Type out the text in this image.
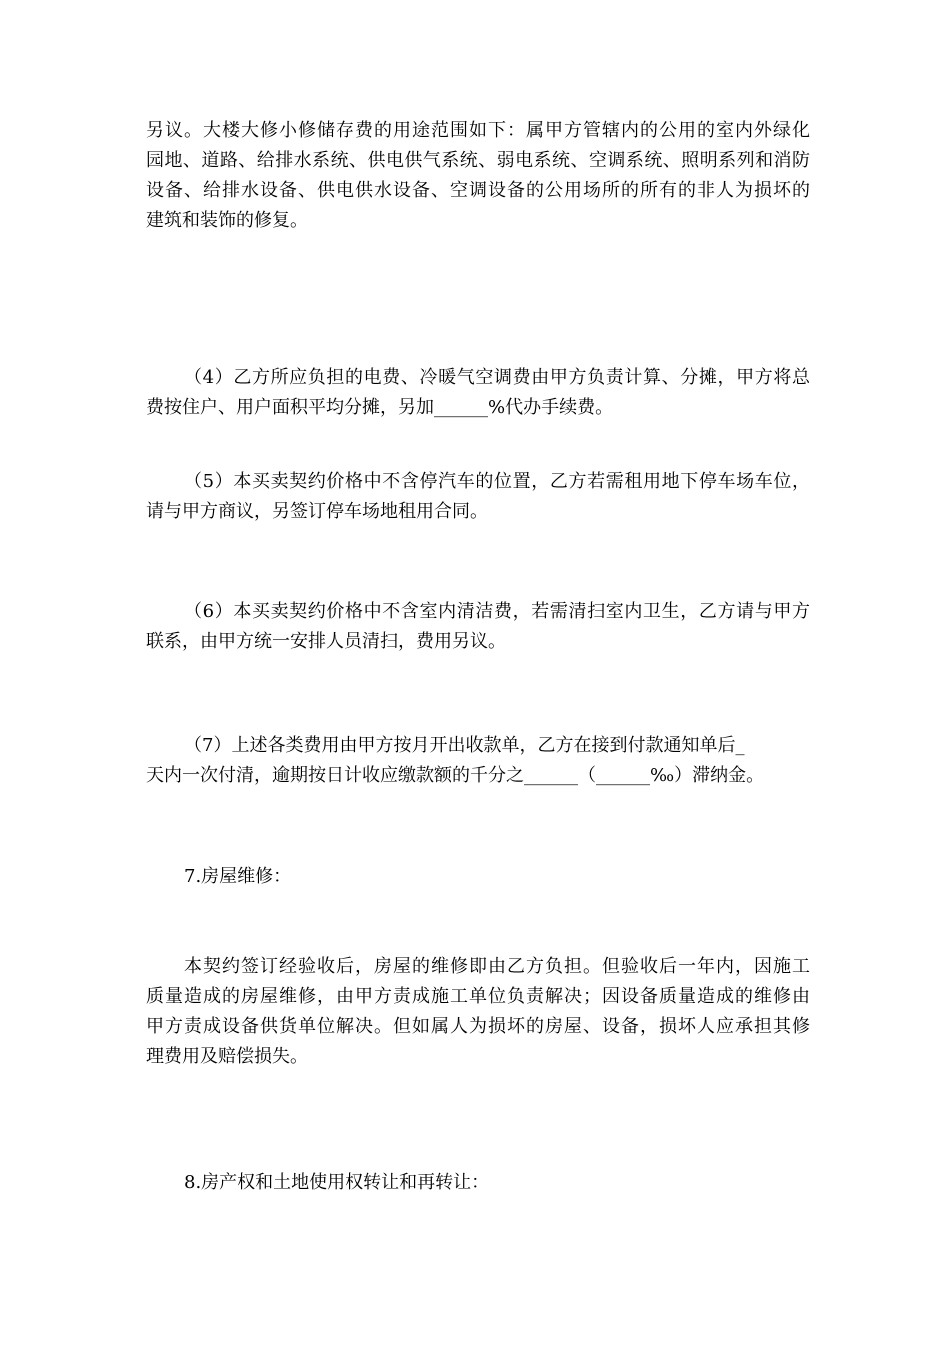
另议。大楼大修小修储存费的用途范围如下：属甲方管辖内的公用的室内外绿化
园地、道路、给排水系统、供电供气系统、弱电系统、空调系统、照明系列和消防
设备、给排水设备、供电供水设备、空调设备的公用场所的所有的非人为损坏的
建筑和装饰的修复。
（4）乙方所应负担的电费、冷暖气空调费由甲方负责计算、分摊，甲方将总
费按住户、用户面积平均分摊，另加______%代办手续费。
（5）本买卖契约价格中不含停汽车的位置，乙方若需租用地下停车场车位，
请与甲方商议，另签订停车场地租用合同。
（6）本买卖契约价格中不含室内清洁费，若需清扫室内卫生，乙方请与甲方
联系，由甲方统一安排人员清扫，费用另议。
（7）上述各类费用由甲方按月开出收款单，乙方在接到付款通知单后_
天内一次付清，逾期按日计收应缴款额的千分之______（______‰）滞纳金。
7.房屋维修：
本契约签订经验收后，房屋的维修即由乙方负担。但验收后一年内，因施工
质量造成的房屋维修，由甲方责成施工单位负责解决；因设备质量造成的维修由
甲方责成设备供货单位解决。但如属人为损坏的房屋、设备，损坏人应承担其修
理费用及赔偿损失。
8.房产权和土地使用权转让和再转让：
